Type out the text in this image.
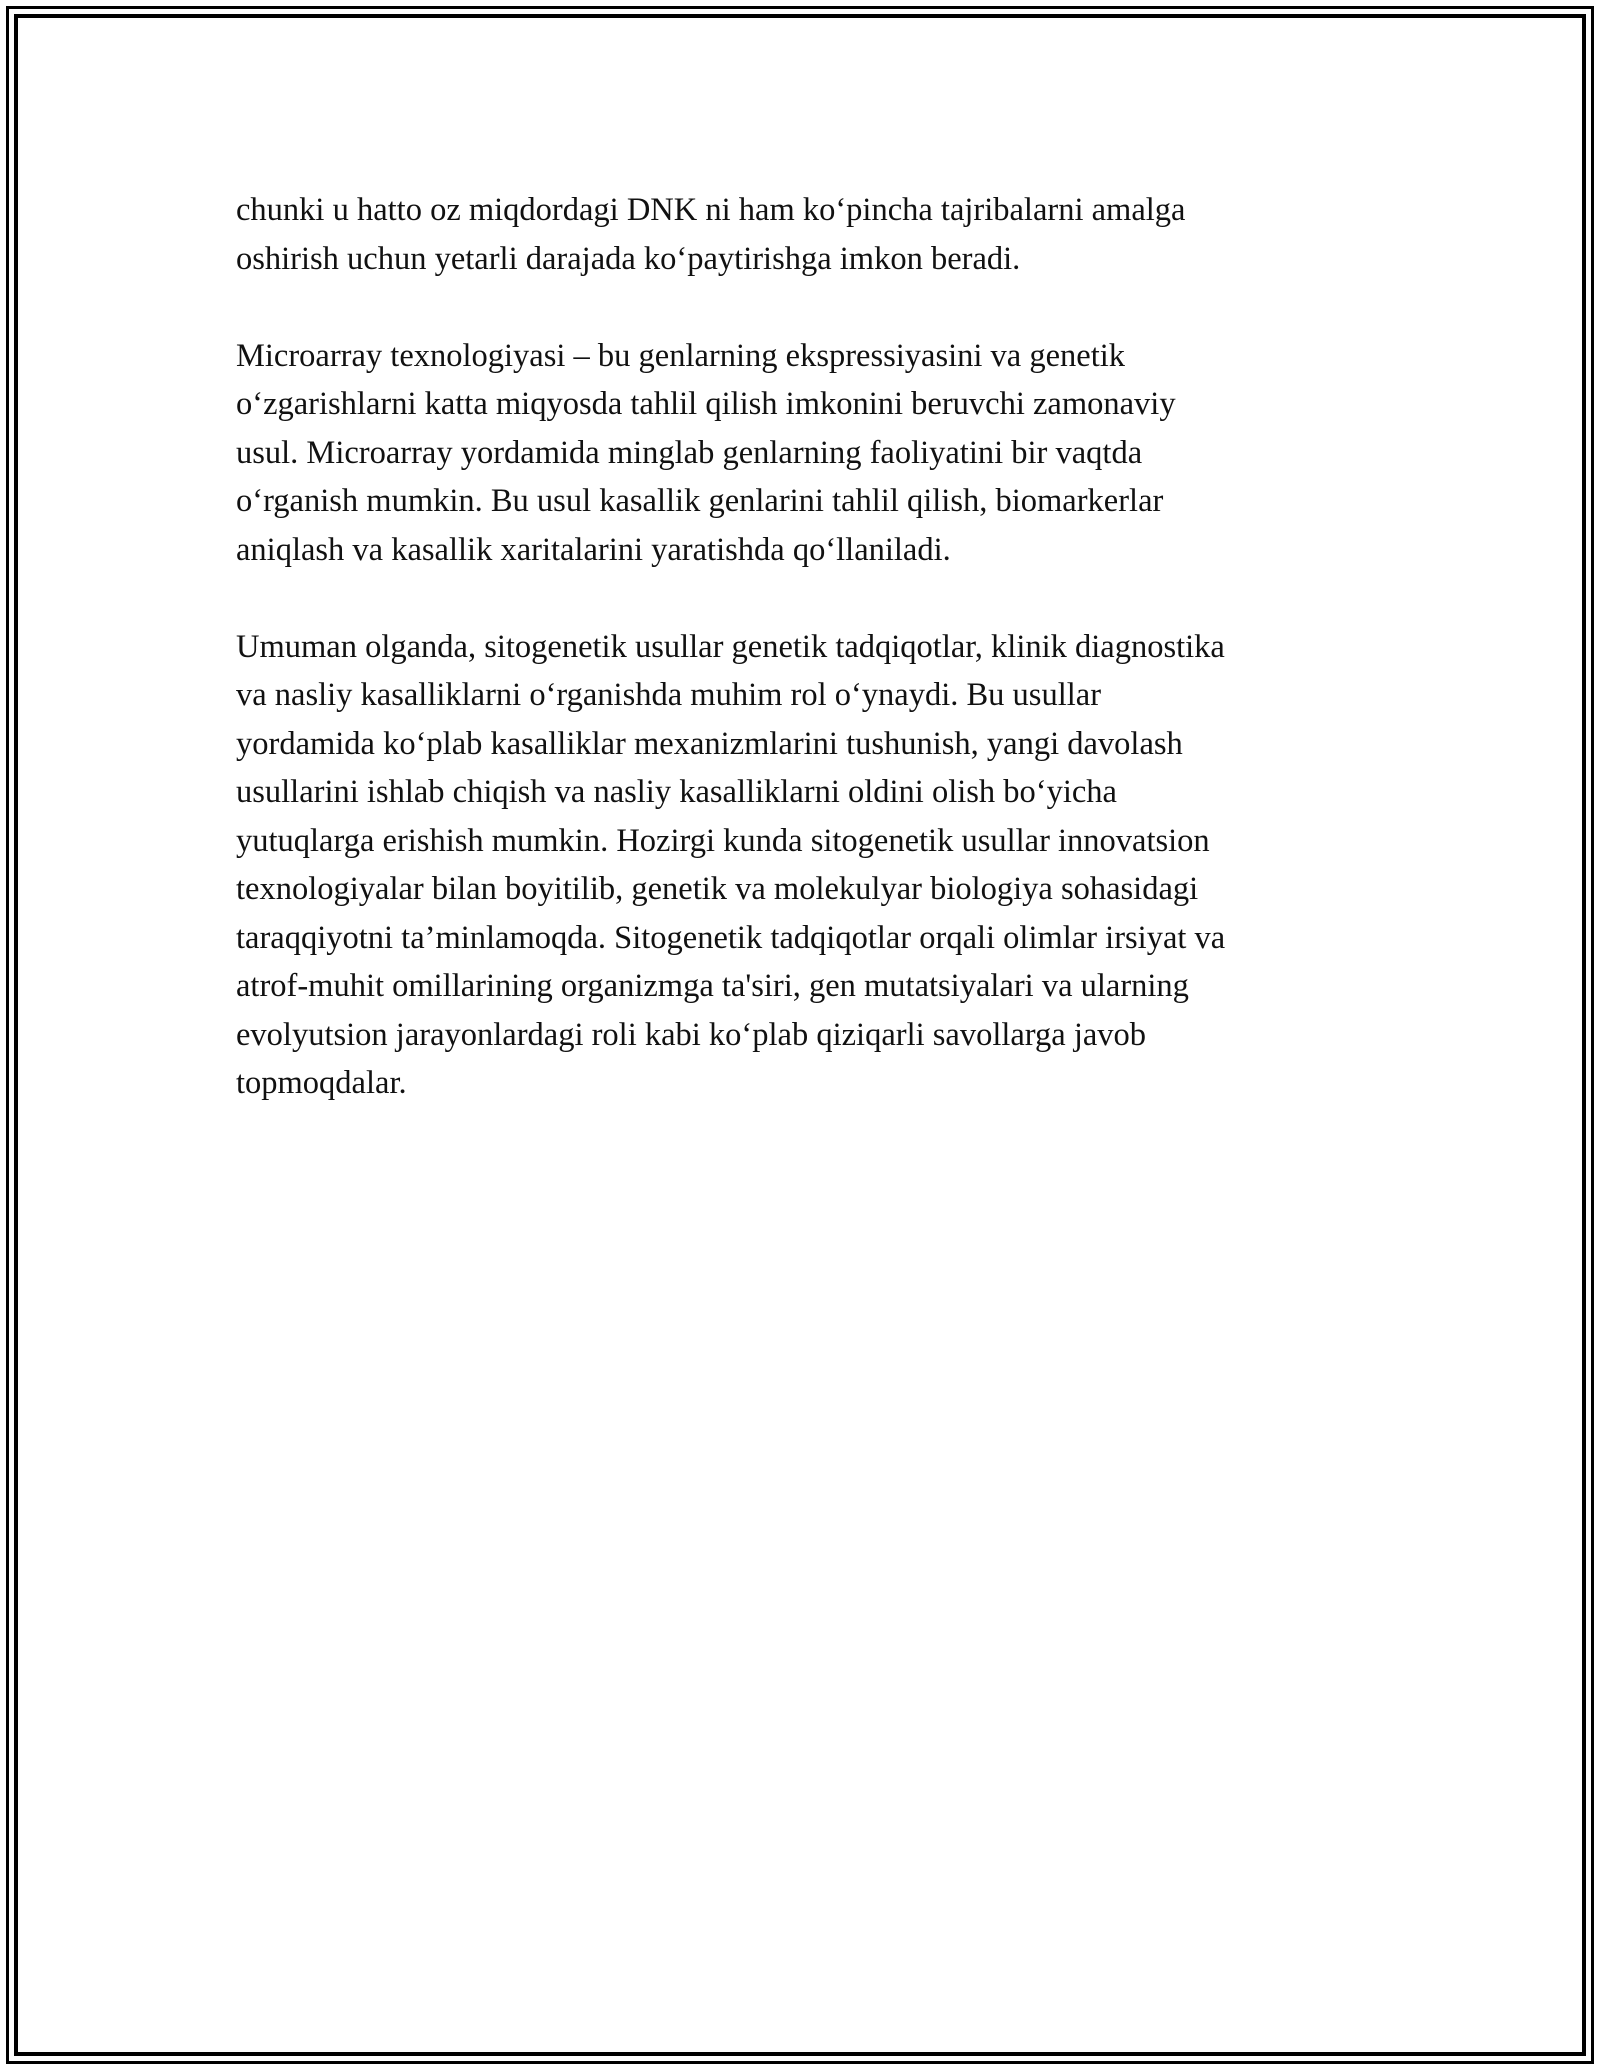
chunki u hatto oz miqdordagi DNK ni ham ko‘pincha tajribalarni amalga
oshirish uchun yetarli darajada ko‘paytirishga imkon beradi.
Microarray texnologiyasi – bu genlarning ekspressiyasini va genetik
o‘zgarishlarni katta miqyosda tahlil qilish imkonini beruvchi zamonaviy
usul. Microarray yordamida minglab genlarning faoliyatini bir vaqtda
o‘rganish mumkin. Bu usul kasallik genlarini tahlil qilish, biomarkerlar
aniqlash va kasallik xaritalarini yaratishda qo‘llaniladi.
Umuman olganda, sitogenetik usullar genetik tadqiqotlar, klinik diagnostika
va nasliy kasalliklarni o‘rganishda muhim rol o‘ynaydi. Bu usullar
yordamida ko‘plab kasalliklar mexanizmlarini tushunish, yangi davolash
usullarini ishlab chiqish va nasliy kasalliklarni oldini olish bo‘yicha
yutuqlarga erishish mumkin. Hozirgi kunda sitogenetik usullar innovatsion
texnologiyalar bilan boyitilib, genetik va molekulyar biologiya sohasidagi
taraqqiyotni ta’minlamoqda. Sitogenetik tadqiqotlar orqali olimlar irsiyat va
atrof-muhit omillarining organizmga ta'siri, gen mutatsiyalari va ularning
evolyutsion jarayonlardagi roli kabi ko‘plab qiziqarli savollarga javob
topmoqdalar.
